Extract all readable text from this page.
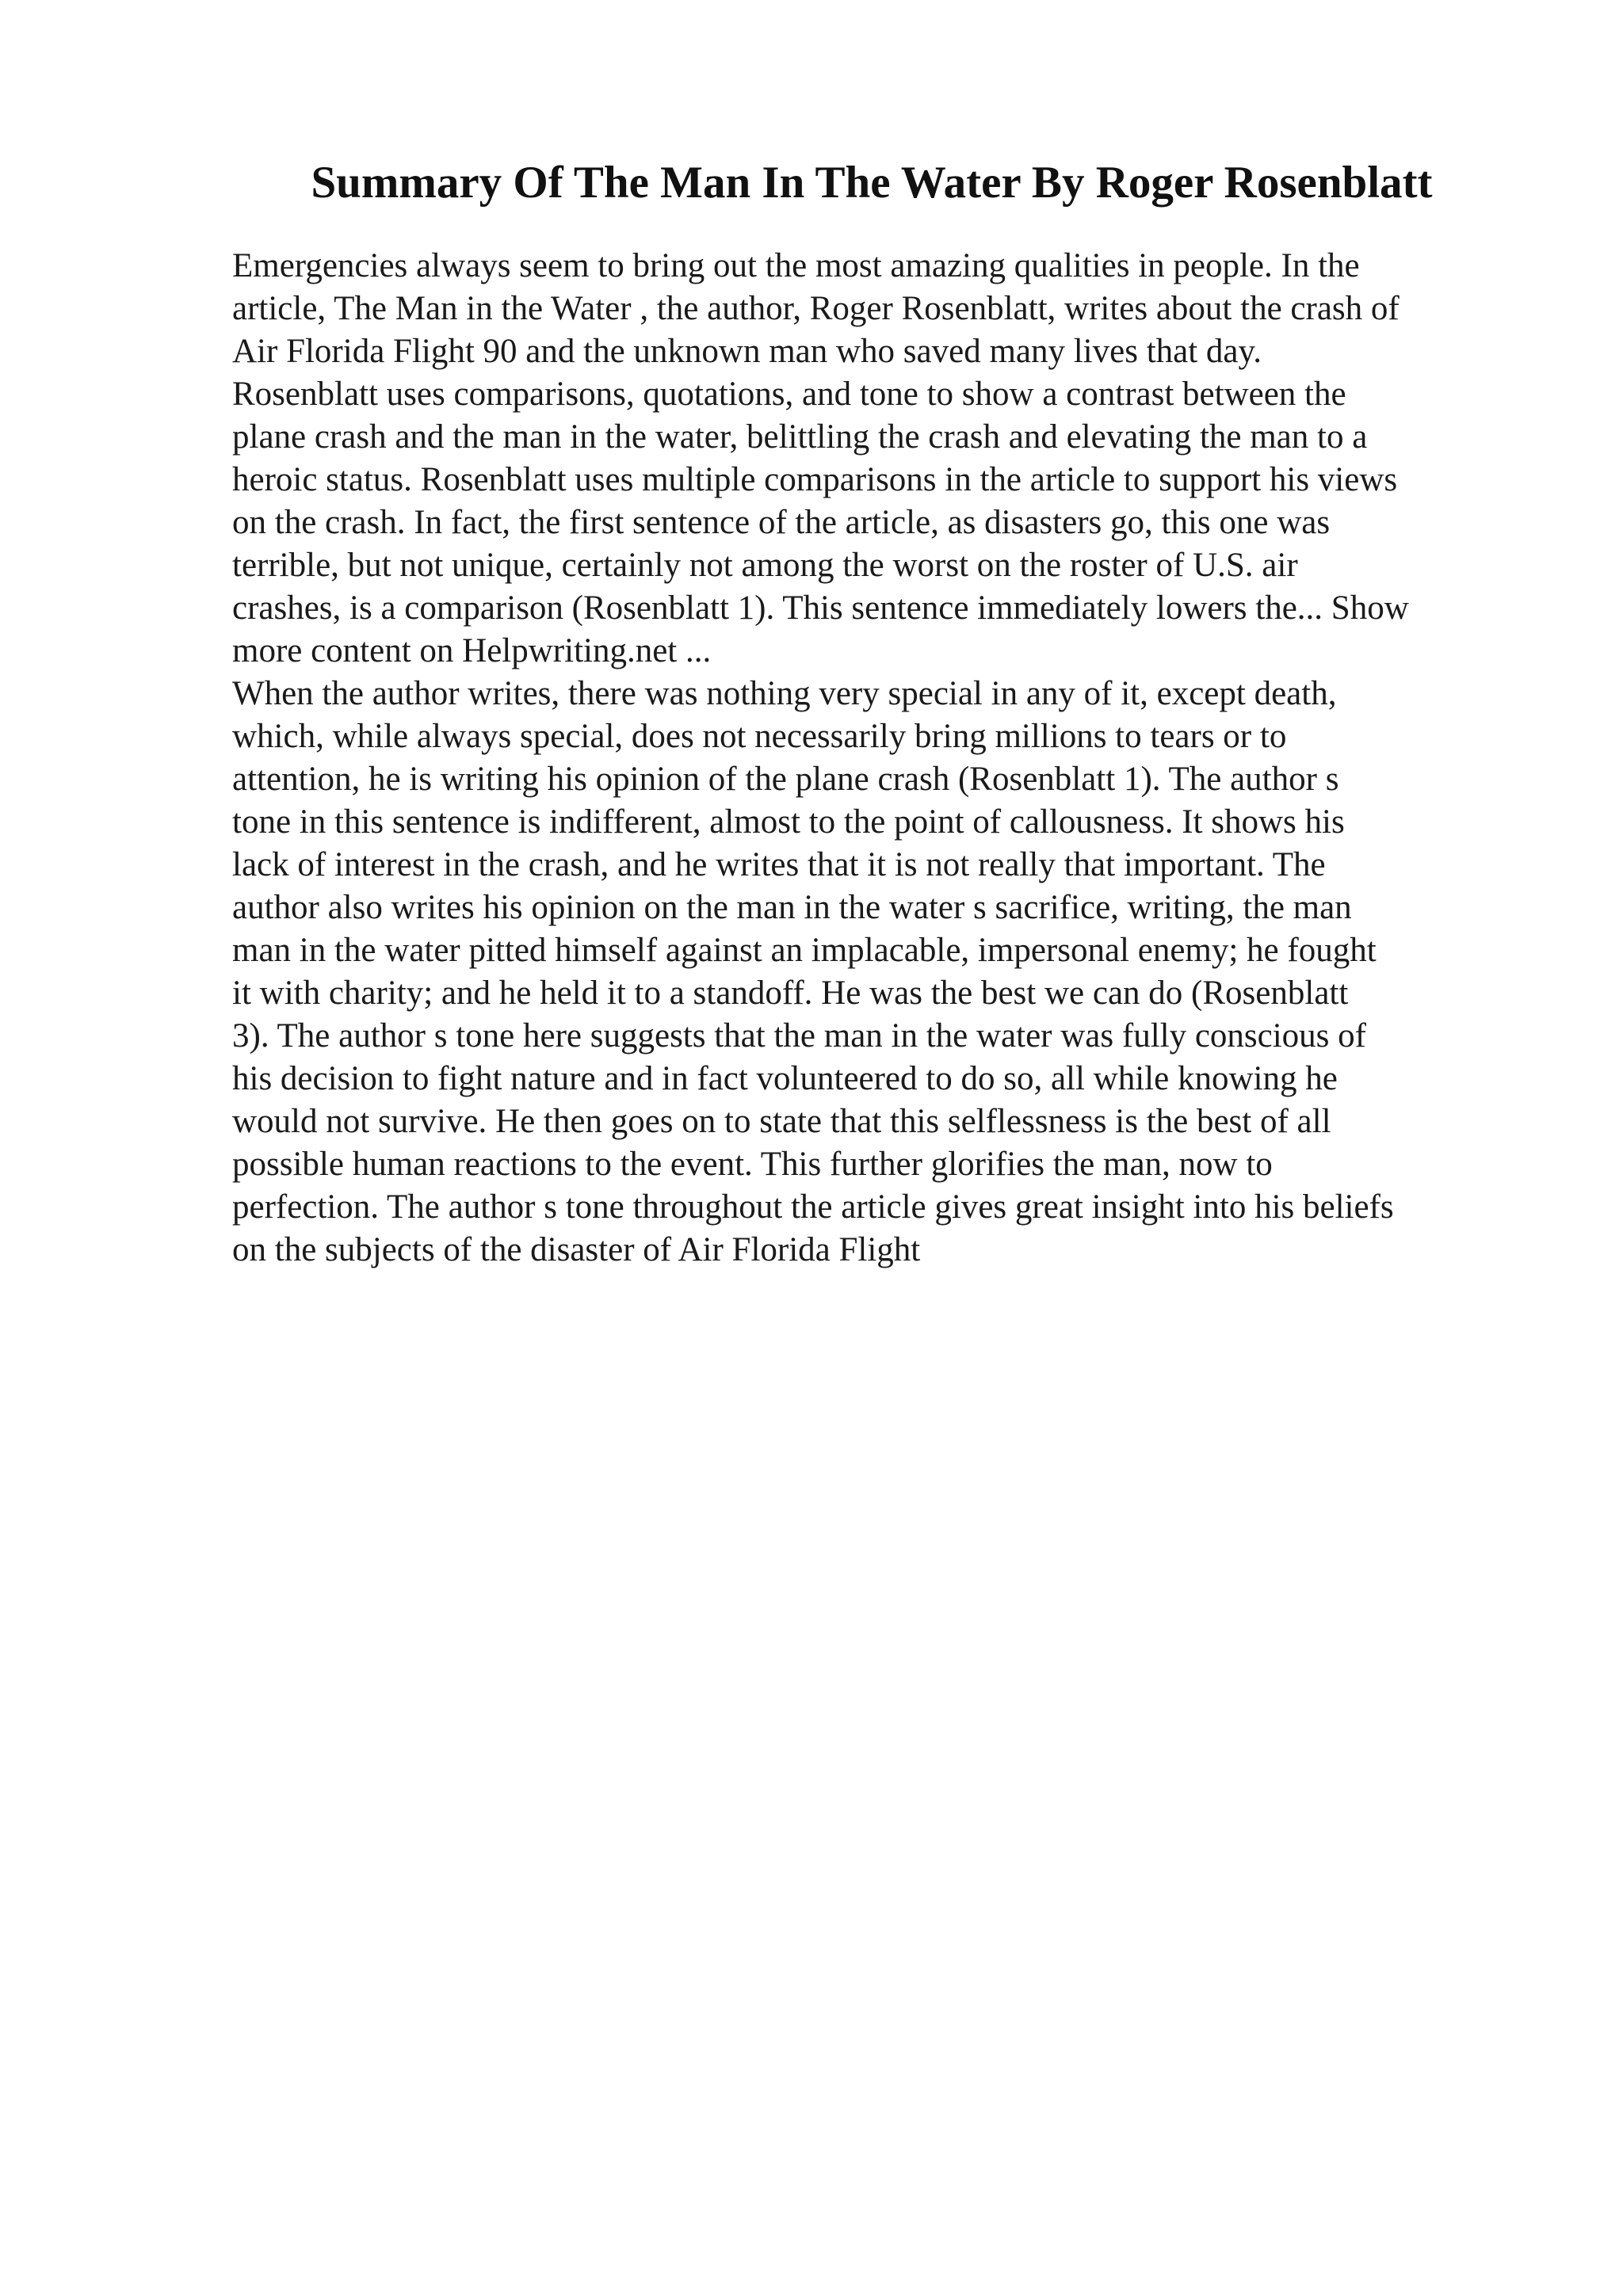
Summary Of The Man In The Water By Roger Rosenblatt
Emergencies always seem to bring out the most amazing qualities in people. In the
article, The Man in the Water , the author, Roger Rosenblatt, writes about the crash of
Air Florida Flight 90 and the unknown man who saved many lives that day.
Rosenblatt uses comparisons, quotations, and tone to show a contrast between the
plane crash and the man in the water, belittling the crash and elevating the man to a
heroic status. Rosenblatt uses multiple comparisons in the article to support his views
on the crash. In fact, the first sentence of the article, as disasters go, this one was
terrible, but not unique, certainly not among the worst on the roster of U.S. air
crashes, is a comparison (Rosenblatt 1). This sentence immediately lowers the... Show
more content on Helpwriting.net ...
When the author writes, there was nothing very special in any of it, except death,
which, while always special, does not necessarily bring millions to tears or to
attention, he is writing his opinion of the plane crash (Rosenblatt 1). The author s
tone in this sentence is indifferent, almost to the point of callousness. It shows his
lack of interest in the crash, and he writes that it is not really that important. The
author also writes his opinion on the man in the water s sacrifice, writing, the man
man in the water pitted himself against an implacable, impersonal enemy; he fought
it with charity; and he held it to a standoff. He was the best we can do (Rosenblatt
3). The author s tone here suggests that the man in the water was fully conscious of
his decision to fight nature and in fact volunteered to do so, all while knowing he
would not survive. He then goes on to state that this selflessness is the best of all
possible human reactions to the event. This further glorifies the man, now to
perfection. The author s tone throughout the article gives great insight into his beliefs
on the subjects of the disaster of Air Florida Flight
